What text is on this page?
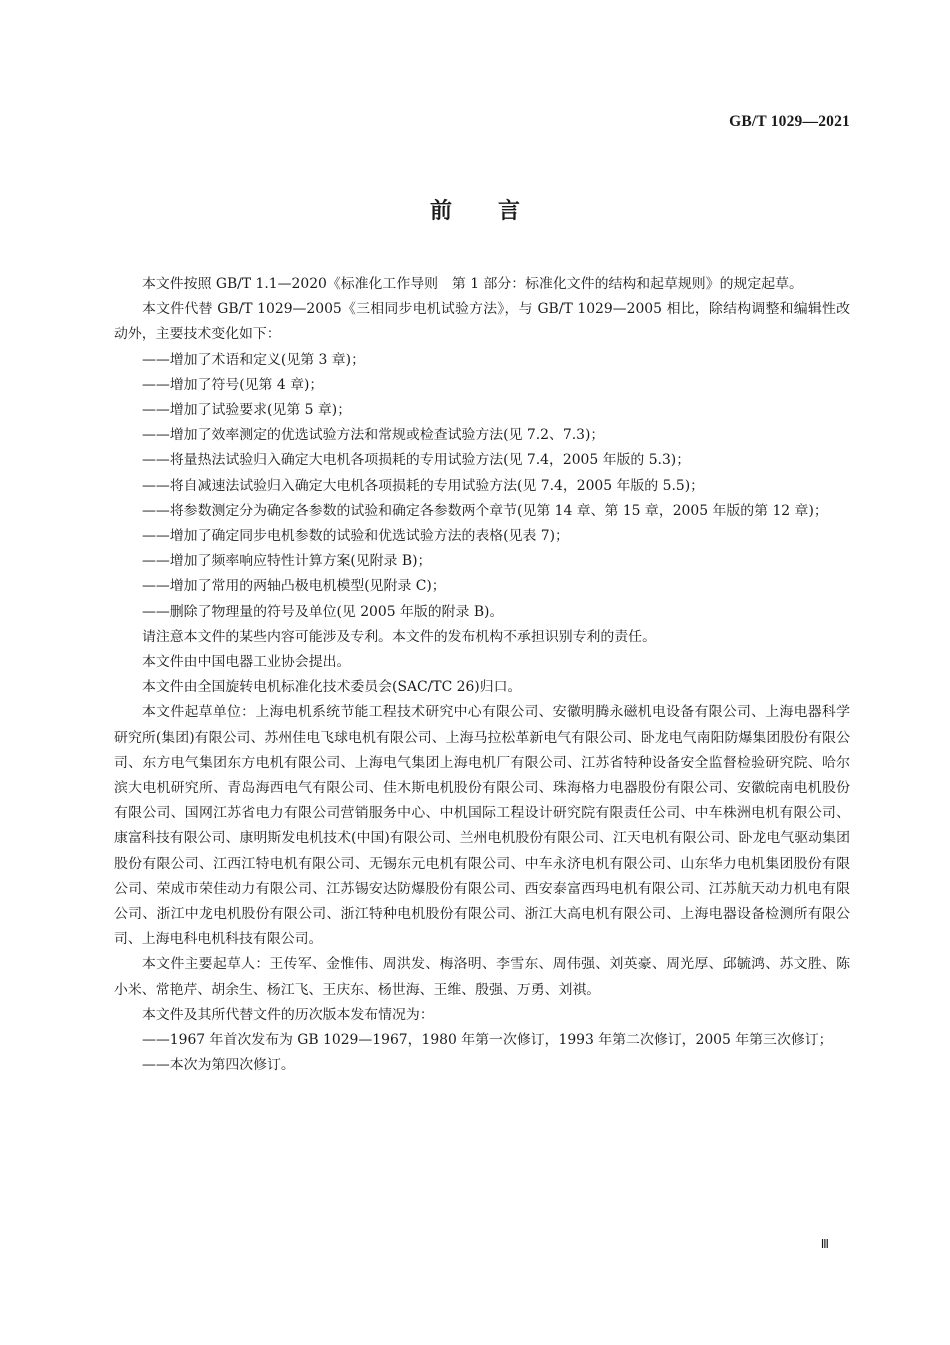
GB/T 1029—2021
前言

本文件按照 GB/T 1.1—2020《标准化工作导则　第 1 部分：标准化文件的结构和起草规则》的规定起草。

本文件代替 GB/T 1029—2005《三相同步电机试验方法》，与 GB/T 1029—2005 相比，除结构调整和编辑性改动外，主要技术变化如下：

——增加了术语和定义(见第 3 章)；

——增加了符号(见第 4 章)；

——增加了试验要求(见第 5 章)；

——增加了效率测定的优选试验方法和常规或检查试验方法(见 7.2、7.3)；

——将量热法试验归入确定大电机各项损耗的专用试验方法(见 7.4，2005 年版的 5.3)；

——将自减速法试验归入确定大电机各项损耗的专用试验方法(见 7.4，2005 年版的 5.5)；

——将参数测定分为确定各参数的试验和确定各参数两个章节(见第 14 章、第 15 章，2005 年版的第 12 章)；

——增加了确定同步电机参数的试验和优选试验方法的表格(见表 7)；

——增加了频率响应特性计算方案(见附录 B)；

——增加了常用的两轴凸极电机模型(见附录 C)；

——删除了物理量的符号及单位(见 2005 年版的附录 B)。

请注意本文件的某些内容可能涉及专利。本文件的发布机构不承担识别专利的责任。

本文件由中国电器工业协会提出。

本文件由全国旋转电机标准化技术委员会(SAC/TC 26)归口。

本文件起草单位：上海电机系统节能工程技术研究中心有限公司、安徽明腾永磁机电设备有限公司、上海电器科学研究所(集团)有限公司、苏州佳电飞球电机有限公司、上海马拉松革新电气有限公司、卧龙电气南阳防爆集团股份有限公司、东方电气集团东方电机有限公司、上海电气集团上海电机厂有限公司、江苏省特种设备安全监督检验研究院、哈尔滨大电机研究所、青岛海西电气有限公司、佳木斯电机股份有限公司、珠海格力电器股份有限公司、安徽皖南电机股份有限公司、国网江苏省电力有限公司营销服务中心、中机国际工程设计研究院有限责任公司、中车株洲电机有限公司、康富科技有限公司、康明斯发电机技术(中国)有限公司、兰州电机股份有限公司、江天电机有限公司、卧龙电气驱动集团股份有限公司、江西江特电机有限公司、无锡东元电机有限公司、中车永济电机有限公司、山东华力电机集团股份有限公司、荣成市荣佳动力有限公司、江苏锡安达防爆股份有限公司、西安泰富西玛电机有限公司、江苏航天动力机电有限公司、浙江中龙电机股份有限公司、浙江特种电机股份有限公司、浙江大高电机有限公司、上海电器设备检测所有限公司、上海电科电机科技有限公司。

本文件主要起草人：王传军、金惟伟、周洪发、梅洛明、李雪东、周伟强、刘英豪、周光厚、邱毓鸿、苏文胜、陈小米、常艳芹、胡余生、杨江飞、王庆东、杨世海、王维、殷强、万勇、刘祺。

本文件及其所代替文件的历次版本发布情况为：

——1967 年首次发布为 GB 1029—1967，1980 年第一次修订，1993 年第二次修订，2005 年第三次修订；

——本次为第四次修订。

Ⅲ
